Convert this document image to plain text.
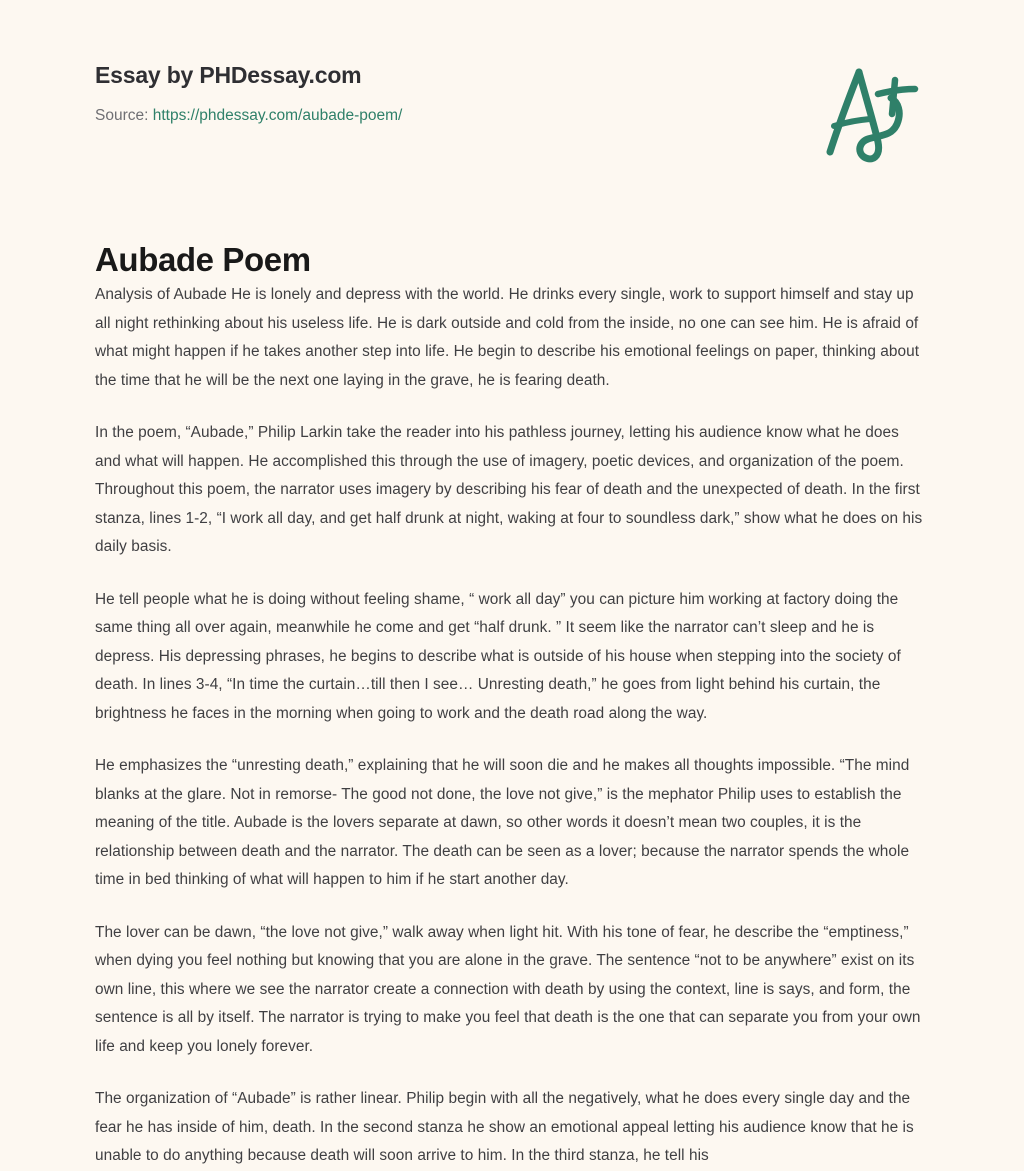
Essay by PHDessay.com
Source: https://phdessay.com/aubade-poem/
Aubade Poem

Analysis of Aubade He is lonely and depress with the world. He drinks every single, work to support himself and stay up all night rethinking about his useless life. He is dark outside and cold from the inside, no one can see him. He is afraid of what might happen if he takes another step into life. He begin to describe his emotional feelings on paper, thinking about the time that he will be the next one laying in the grave, he is fearing death.

In the poem, “Aubade,” Philip Larkin take the reader into his pathless journey, letting his audience know what he does and what will happen. He accomplished this through the use of imagery, poetic devices, and organization of the poem. Throughout this poem, the narrator uses imagery by describing his fear of death and the unexpected of death. In the first stanza, lines 1-2, “I work all day, and get half drunk at night, waking at four to soundless dark,” show what he does on his daily basis.

He tell people what he is doing without feeling shame, “ work all day” you can picture him working at factory doing the same thing all over again, meanwhile he come and get “half drunk. ” It seem like the narrator can’t sleep and he is depress. His depressing phrases, he begins to describe what is outside of his house when stepping into the society of death. In lines 3-4, “In time the curtain…till then I see… Unresting death,” he goes from light behind his curtain, the brightness he faces in the morning when going to work and the death road along the way.

He emphasizes the “unresting death,” explaining that he will soon die and he makes all thoughts impossible. “The mind blanks at the glare. Not in remorse- The good not done, the love not give,” is the mephator Philip uses to establish the meaning of the title. Aubade is the lovers separate at dawn, so other words it doesn’t mean two couples, it is the relationship between death and the narrator. The death can be seen as a lover; because the narrator spends the whole time in bed thinking of what will happen to him if he start another day.

The lover can be dawn, “the love not give,” walk away when light hit. With his tone of fear, he describe the “emptiness,” when dying you feel nothing but knowing that you are alone in the grave. The sentence “not to be anywhere” exist on its own line, this where we see the narrator create a connection with death by using the context, line is says, and form, the sentence is all by itself. The narrator is trying to make you feel that death is the one that can separate you from your own life and keep you lonely forever.

The organization of “Aubade” is rather linear. Philip begin with all the negatively, what he does every single day and the fear he has inside of him, death. In the second stanza he show an emotional appeal letting his audience know that he is unable to do anything because death will soon arrive to him. In the third stanza, he tell his
